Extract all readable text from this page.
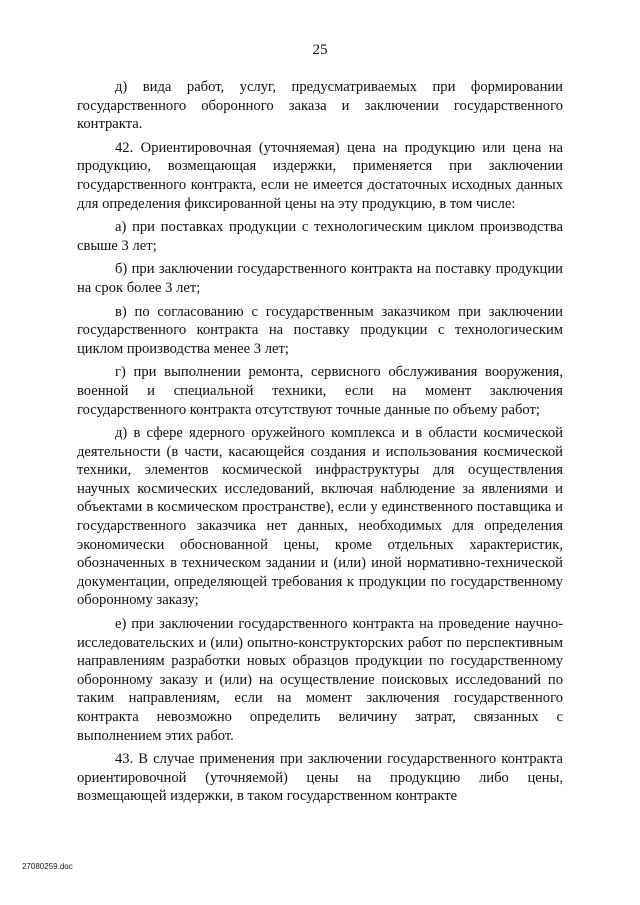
25

д) вида работ, услуг, предусматриваемых при формировании государственного оборонного заказа и заключении государственного контракта.

42. Ориентировочная (уточняемая) цена на продукцию или цена на продукцию, возмещающая издержки, применяется при заключении государственного контракта, если не имеется достаточных исходных данных для определения фиксированной цены на эту продукцию, в том числе:

а) при поставках продукции с технологическим циклом производства свыше 3 лет;

б) при заключении государственного контракта на поставку продукции на срок более 3 лет;

в) по согласованию с государственным заказчиком при заключении государственного контракта на поставку продукции с технологическим циклом производства менее 3 лет;

г) при выполнении ремонта, сервисного обслуживания вооружения, военной и специальной техники, если на момент заключения государственного контракта отсутствуют точные данные по объему работ;

д) в сфере ядерного оружейного комплекса и в области космической деятельности (в части, касающейся создания и использования космической техники, элементов космической инфраструктуры для осуществления научных космических исследований, включая наблюдение за явлениями и объектами в космическом пространстве), если у единственного поставщика и государственного заказчика нет данных, необходимых для определения экономически обоснованной цены, кроме отдельных характеристик, обозначенных в техническом задании и (или) иной нормативно-технической документации, определяющей требования к продукции по государственному оборонному заказу;

е) при заключении государственного контракта на проведение научно-исследовательских и (или) опытно-конструкторских работ по перспективным направлениям разработки новых образцов продукции по государственному оборонному заказу и (или) на осуществление поисковых исследований по таким направлениям, если на момент заключения государственного контракта невозможно определить величину затрат, связанных с выполнением этих работ.

43. В случае применения при заключении государственного контракта ориентировочной (уточняемой) цены на продукцию либо цены, возмещающей издержки, в таком государственном контракте

27080259.doc
